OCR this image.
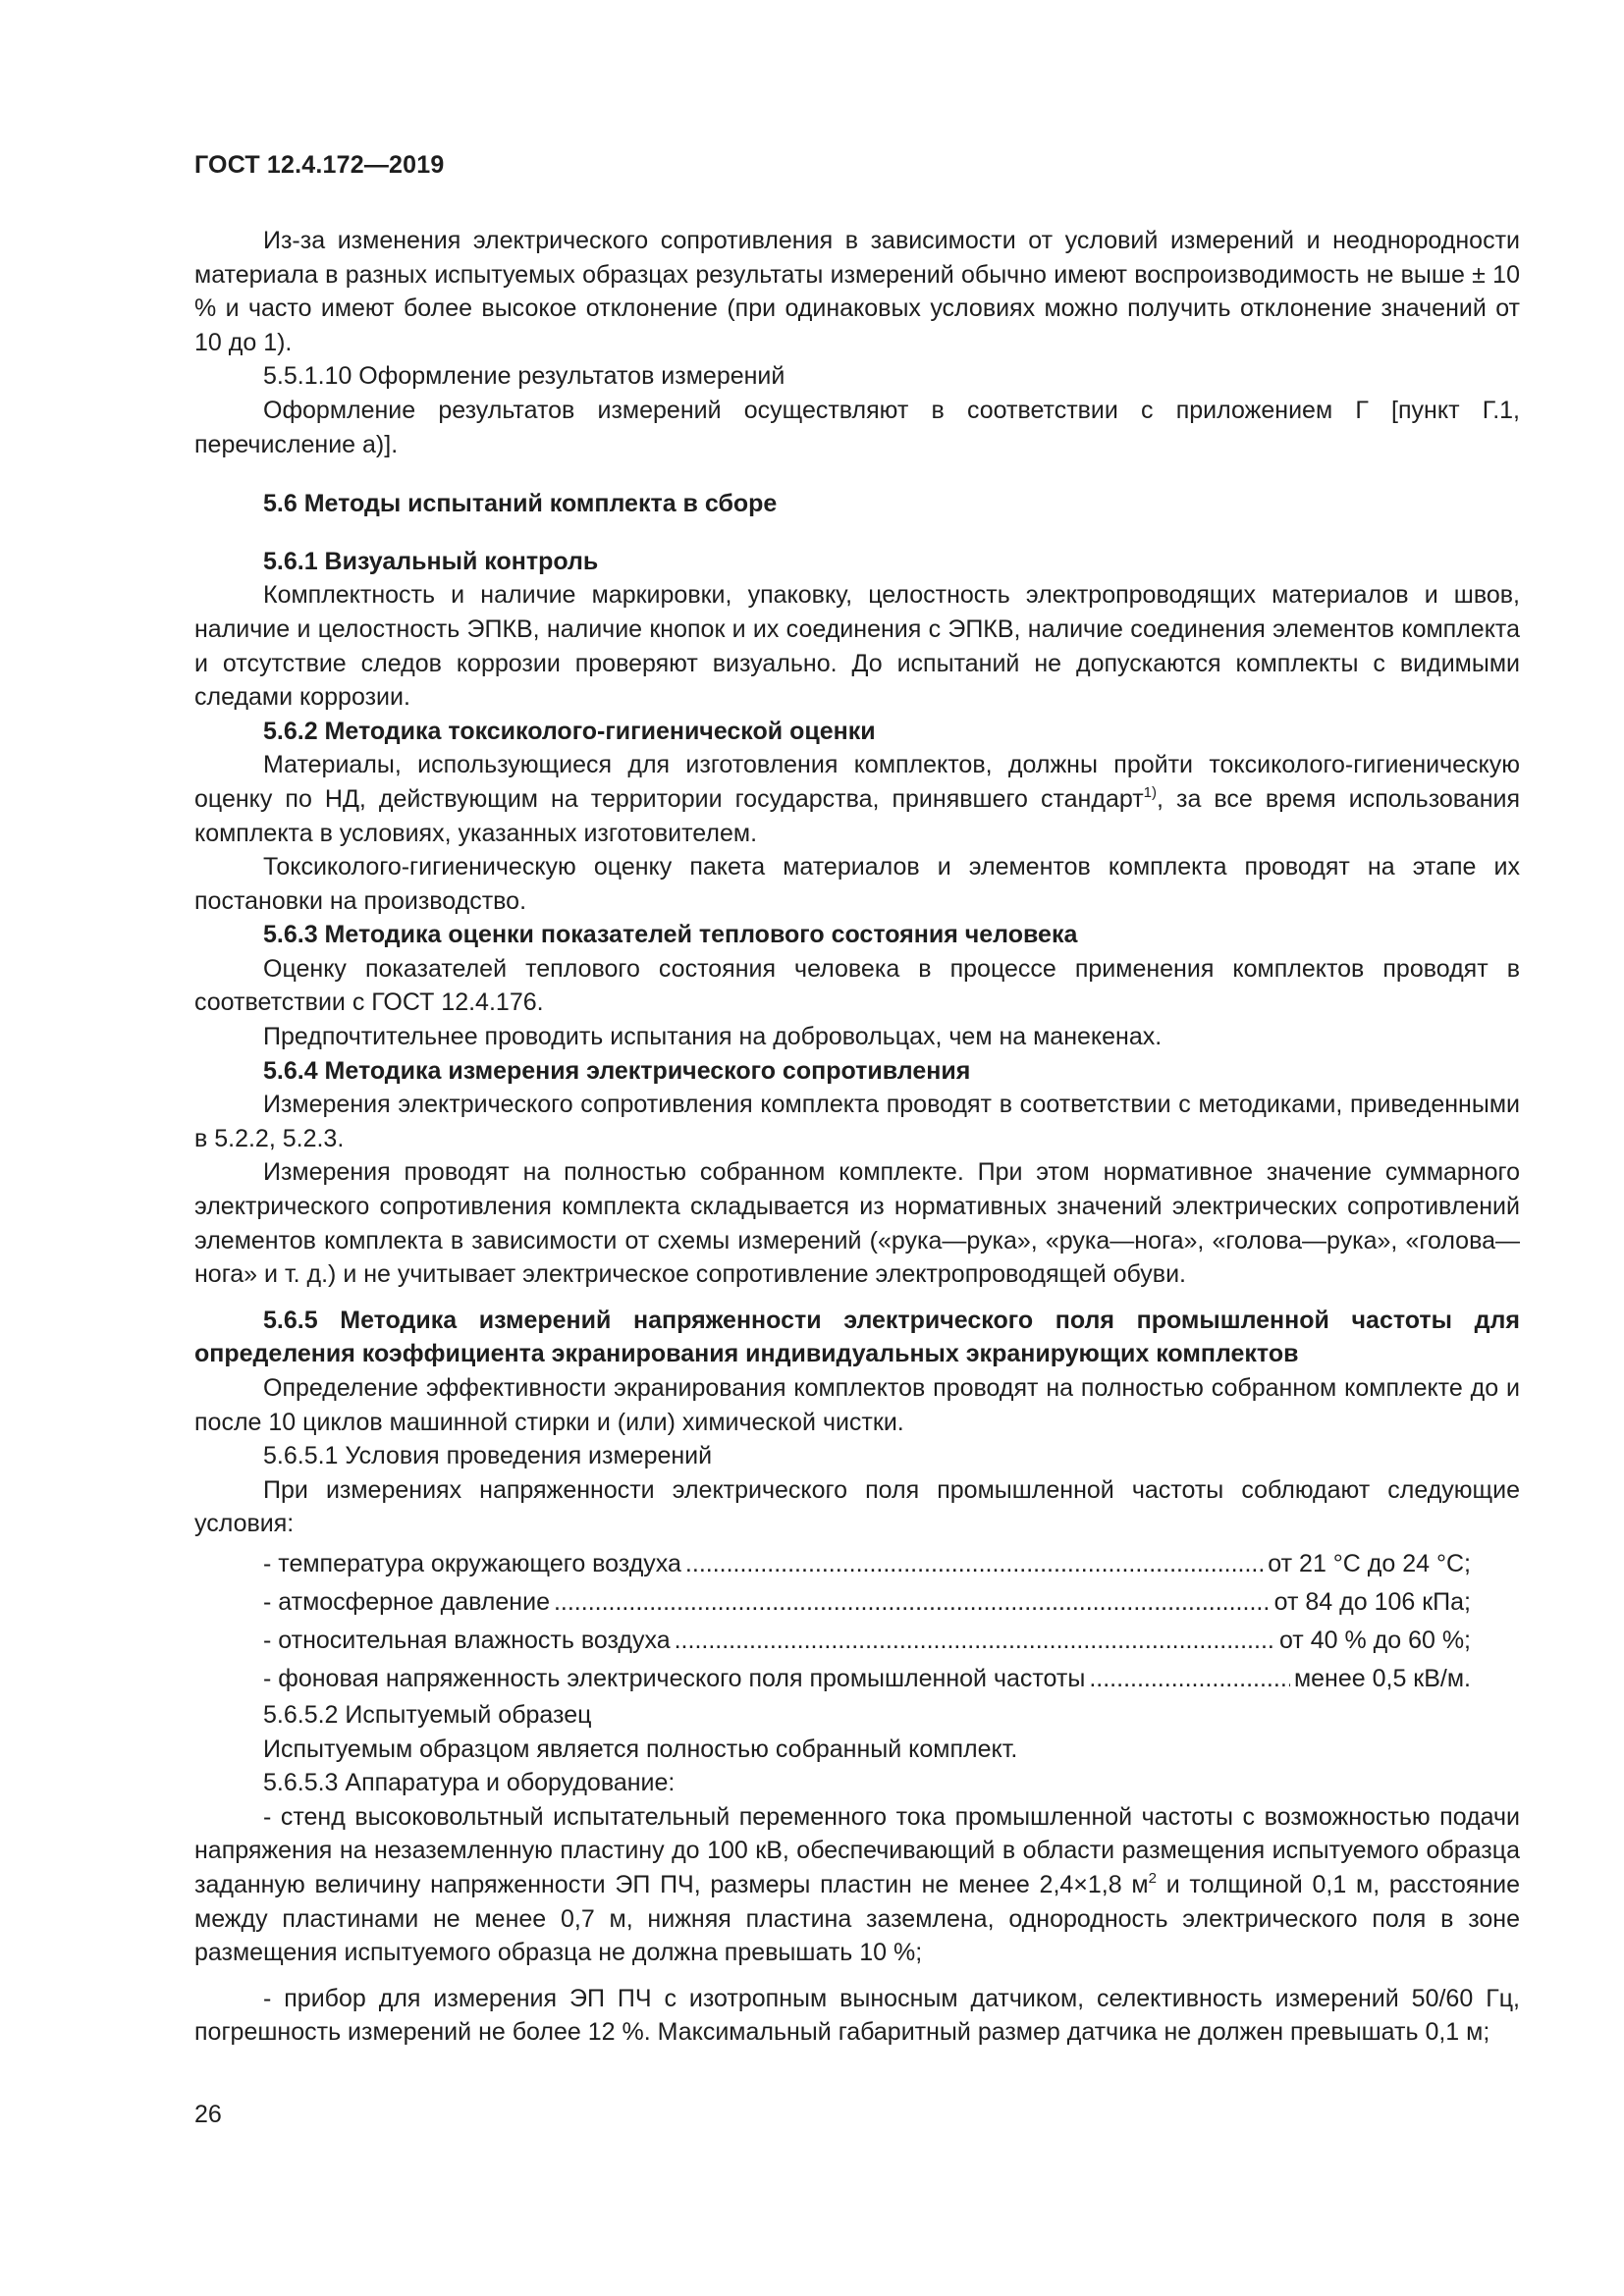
ГОСТ 12.4.172—2019

Из-за изменения электрического сопротивления в зависимости от условий измерений и неоднородности материала в разных испытуемых образцах результаты измерений обычно имеют воспроизводимость не выше ± 10 % и часто имеют более высокое отклонение (при одинаковых условиях можно получить отклонение значений от 10 до 1).

5.5.1.10 Оформление результатов измерений

Оформление результатов измерений осуществляют в соответствии с приложением Г [пункт Г.1, перечисление а)].

5.6 Методы испытаний комплекта в сборе

5.6.1 Визуальный контроль

Комплектность и наличие маркировки, упаковку, целостность электропроводящих материалов и швов, наличие и целостность ЭПКВ, наличие кнопок и их соединения с ЭПКВ, наличие соединения элементов комплекта и отсутствие следов коррозии проверяют визуально. До испытаний не допускаются комплекты с видимыми следами коррозии.

5.6.2 Методика токсиколого-гигиенической оценки

Материалы, использующиеся для изготовления комплектов, должны пройти токсиколого-гигиеническую оценку по НД, действующим на территории государства, принявшего стандарт$^{1)}$, за все время использования комплекта в условиях, указанных изготовителем.

Токсиколого-гигиеническую оценку пакета материалов и элементов комплекта проводят на этапе их постановки на производство.

5.6.3 Методика оценки показателей теплового состояния человека

Оценку показателей теплового состояния человека в процессе применения комплектов проводят в соответствии с ГОСТ 12.4.176.

Предпочтительнее проводить испытания на добровольцах, чем на манекенах.

5.6.4 Методика измерения электрического сопротивления

Измерения электрического сопротивления комплекта проводят в соответствии с методиками, приведенными в 5.2.2, 5.2.3.

Измерения проводят на полностью собранном комплекте. При этом нормативное значение суммарного электрического сопротивления комплекта складывается из нормативных значений электрических сопротивлений элементов комплекта в зависимости от схемы измерений («рука—рука», «рука—нога», «голова—рука», «голова—нога» и т. д.) и не учитывает электрическое сопротивление электропроводящей обуви.

5.6.5 Методика измерений напряженности электрического поля промышленной частоты для определения коэффициента экранирования индивидуальных экранирующих комплектов

Определение эффективности экранирования комплектов проводят на полностью собранном комплекте до и после 10 циклов машинной стирки и (или) химической чистки.

5.6.5.1 Условия проведения измерений

При измерениях напряженности электрического поля промышленной частоты соблюдают следующие условия:

- температура окружающего воздуха .....	от 21 °С до 24 °С;
- атмосферное давление .....	от 84 до 106 кПа;
- относительная влажность воздуха .....	от 40 % до 60 %;
- фоновая напряженность электрического поля промышленной частоты .....	менее 0,5 кВ/м.

5.6.5.2 Испытуемый образец

Испытуемым образцом является полностью собранный комплект.

5.6.5.3 Аппаратура и оборудование:

- стенд высоковольтный испытательный переменного тока промышленной частоты с возможностью подачи напряжения на незаземленную пластину до 100 кВ, обеспечивающий в области размещения испытуемого образца заданную величину напряженности ЭП ПЧ, размеры пластин не менее 2,4×1,8 $м^2$ и толщиной 0,1 м, расстояние между пластинами не менее 0,7 м, нижняя пластина заземлена, однородность электрического поля в зоне размещения испытуемого образца не должна превышать 10 %;

- прибор для измерения ЭП ПЧ с изотропным выносным датчиком, селективность измерений 50/60 Гц, погрешность измерений не более 12 %. Максимальный габаритный размер датчика не должен превышать 0,1 м;

26
